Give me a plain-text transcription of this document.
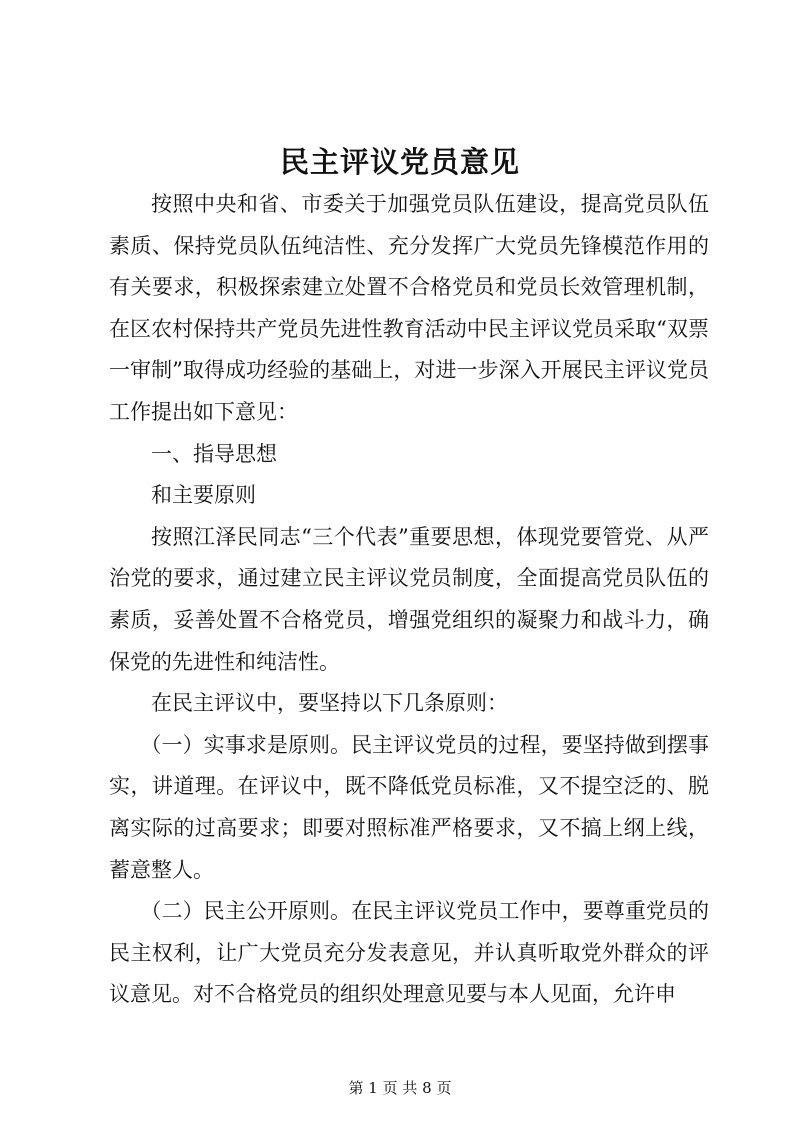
民主评议党员意见

按照中央和省、市委关于加强党员队伍建设，提高党员队伍素质、保持党员队伍纯洁性、充分发挥广大党员先锋模范作用的有关要求，积极探索建立处置不合格党员和党员长效管理机制，在区农村保持共产党员先进性教育活动中民主评议党员采取“双票一审制”取得成功经验的基础上，对进一步深入开展民主评议党员工作提出如下意见：

一、指导思想

和主要原则

按照江泽民同志“三个代表”重要思想，体现党要管党、从严治党的要求，通过建立民主评议党员制度，全面提高党员队伍的素质，妥善处置不合格党员，增强党组织的凝聚力和战斗力，确保党的先进性和纯洁性。

在民主评议中，要坚持以下几条原则：

（一）实事求是原则。民主评议党员的过程，要坚持做到摆事实，讲道理。在评议中，既不降低党员标准，又不提空泛的、脱离实际的过高要求；即要对照标准严格要求，又不搞上纲上线，蓄意整人。

（二）民主公开原则。在民主评议党员工作中，要尊重党员的民主权利，让广大党员充分发表意见，并认真听取党外群众的评议意见。对不合格党员的组织处理意见要与本人见面，允许申

第 1 页 共 8 页
